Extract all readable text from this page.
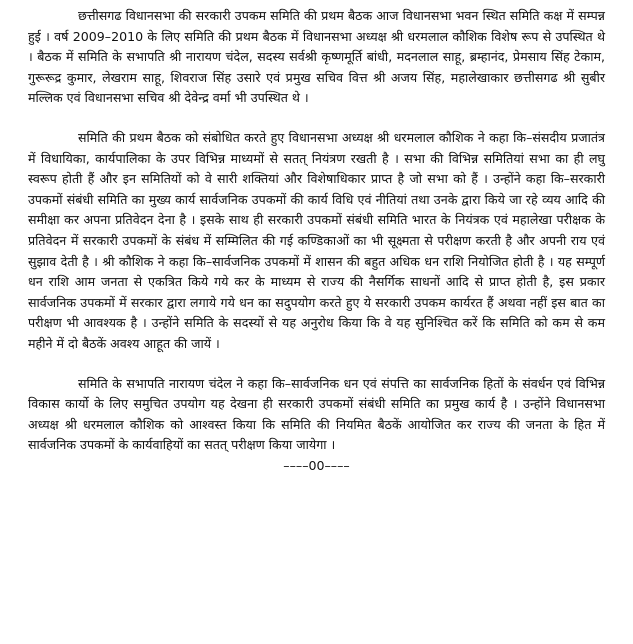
छत्तीसगढ विधानसभा की सरकारी उपकम समिति की प्रथम बैठक आज विधानसभा भवन स्थित समिति कक्ष में सम्पन्न हुई । वर्ष 2009–2010 के लिए समिति की प्रथम बैठक में विधानसभा अध्यक्ष श्री धरमलाल कौशिक विशेष रूप से उपस्थित थे । बैठक में समिति के सभापति श्री नारायण चंदेल, सदस्य सर्वश्री कृष्णमूर्ति बांधी, मदनलाल साहू, ब्रम्हानंद, प्रेमसाय सिंह टेकाम, गुरूरूद्र कुमार, लेखराम साहू, शिवराज सिंह उसारे एवं प्रमुख सचिव वित्त श्री अजय सिंह, महालेखाकार छत्तीसगढ श्री सुबीर मल्लिक एवं विधानसभा सचिव श्री देवेन्द्र वर्मा भी उपस्थित थे ।

समिति की प्रथम बैठक को संबोधित करते हुए विधानसभा अध्यक्ष श्री धरमलाल कौशिक ने कहा कि–संसदीय प्रजातंत्र में विधायिका, कार्यपालिका के उपर विभिन्न माध्यमों से सतत् नियंत्रण रखती है । सभा की विभिन्न समितियां सभा का ही लघु स्वरूप होती हैं और इन समितियों को वे सारी शक्तियां और विशेषाधिकार प्राप्त है जो सभा को हैं । उन्होंने कहा कि–सरकारी उपकमों संबंधी समिति का मुख्य कार्य सार्वजनिक उपकमों की कार्य विधि एवं नीतियां तथा उनके द्वारा किये जा रहे व्यय आदि की समीक्षा कर अपना प्रतिवेदन देना है । इसके साथ ही सरकारी उपकमों संबंधी समिति भारत के नियंत्रक एवं महालेखा परीक्षक के प्रतिवेदन में सरकारी उपकमों के संबंध में सम्मिलित की गई कण्डिकाओं का भी सूक्ष्मता से परीक्षण करती है और अपनी राय एवं सुझाव देती है । श्री कौशिक ने कहा कि–सार्वजनिक उपकमों में शासन की बहुत अधिक धन राशि नियोजित होती है । यह सम्पूर्ण धन राशि आम जनता से एकत्रित किये गये कर के माध्यम से राज्य की नैसर्गिक साधनों आदि से प्राप्त होती है, इस प्रकार सार्वजनिक उपकमों में सरकार द्वारा लगाये गये धन का सदुपयोग करते हुए ये सरकारी उपकम कार्यरत हैं अथवा नहीं इस बात का परीक्षण भी आवश्यक है । उन्होंने समिति के सदस्यों से यह अनुरोध किया कि वे यह सुनिश्चित करें कि समिति को कम से कम महीने में दो बैठकें अवश्य आहूत की जायें ।

समिति के सभापति नारायण चंदेल ने कहा कि–सार्वजनिक धन एवं संपत्ति का सार्वजनिक हितों के संवर्धन एवं विभिन्न विकास कार्यो के लिए समुचित उपयोग यह देखना ही सरकारी उपकमों संबंधी समिति का प्रमुख कार्य है । उन्होंने विधानसभा अध्यक्ष श्री धरमलाल कौशिक को आश्वस्त किया कि समिति की नियमित बैठकें आयोजित कर राज्य की जनता के हित में सार्वजनिक उपकमों के कार्यवाहियों का सतत् परीक्षण किया जायेगा ।

––––00––––
